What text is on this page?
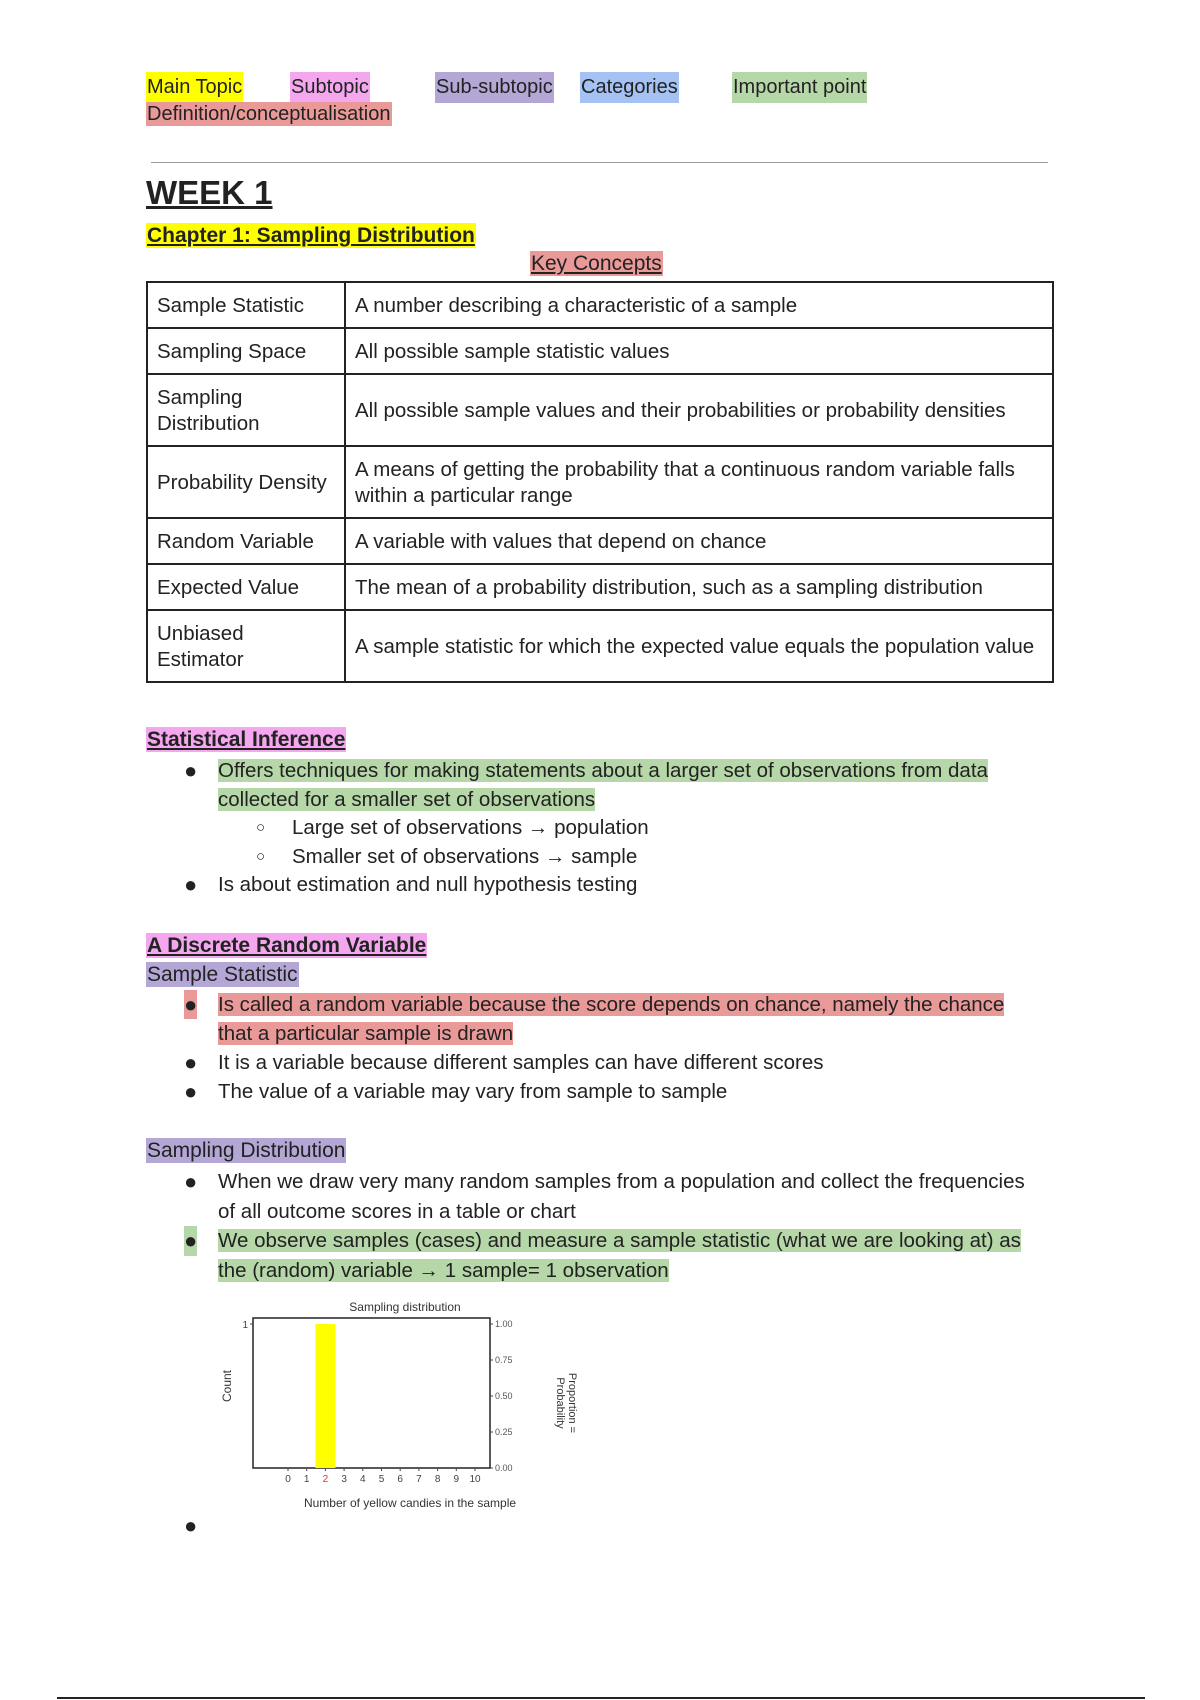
Main Topic Subtopic	Sub-subtopic Categories	Important point
Definition/conceptualisation
WEEK 1
Chapter 1: Sampling Distribution
Key Concepts
Sample Statistic	A number describing a characteristic of a sample
Sampling Space	All possible sample statistic values
Sampling Distribution	All possible sample values and their probabilities or probability densities
Probability Density	A means of getting the probability that a continuous random variable falls within a particular range
Random Variable	A variable with values that depend on chance
Expected Value	The mean of a probability distribution, such as a sampling distribution
Unbiased Estimator	A sample statistic for which the expected value equals the population value
Statistical Inference
● Offers techniques for making statements about a larger set of observations from data collected for a smaller set of observations
○ Large set of observations → population
○ Smaller set of observations → sample
● Is about estimation and null hypothesis testing
A Discrete Random Variable
Sample Statistic
● Is called a random variable because the score depends on chance, namely the chance that a particular sample is drawn
● It is a variable because different samples can have different scores
● The value of a variable may vary from sample to sample
Sampling Distribution
● When we draw very many random samples from a population and collect the frequencies of all outcome scores in a table or chart
● We observe samples (cases) and measure a sample statistic (what we are looking at) as the (random) variable → 1 sample= 1 observation
Sampling distribution
Count
Number of yellow candies in the sample
Proportion = Probability
0 1 2 3 4 5 6 7 8 9 10
1	1.00
0.75
0.50
0.25
0.00
●
